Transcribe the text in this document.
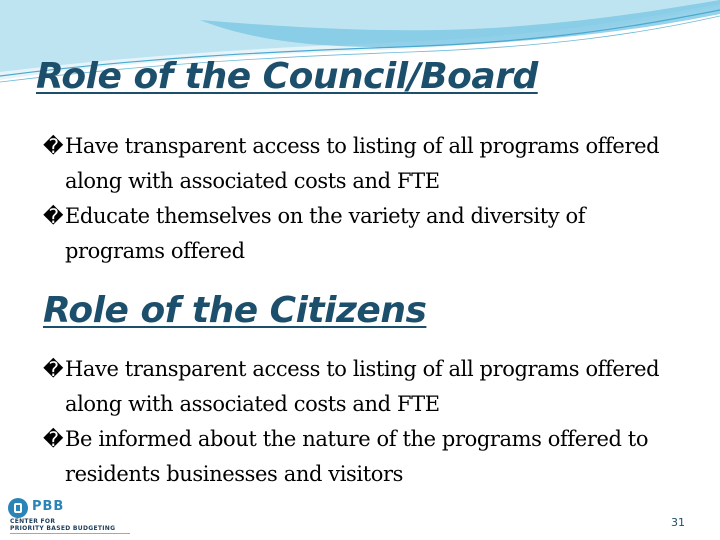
Role of the Council/Board
� Have transparent access to listing of all programs offered along with associated costs and FTE
� Educate themselves on the variety and diversity of programs offered
Role of the Citizens
� Have transparent access to listing of all programs offered along with associated costs and FTE
� Be informed about the nature of the programs offered to residents businesses and visitors
PBB
CENTER FOR
PRIORITY BASED BUDGETING	31
